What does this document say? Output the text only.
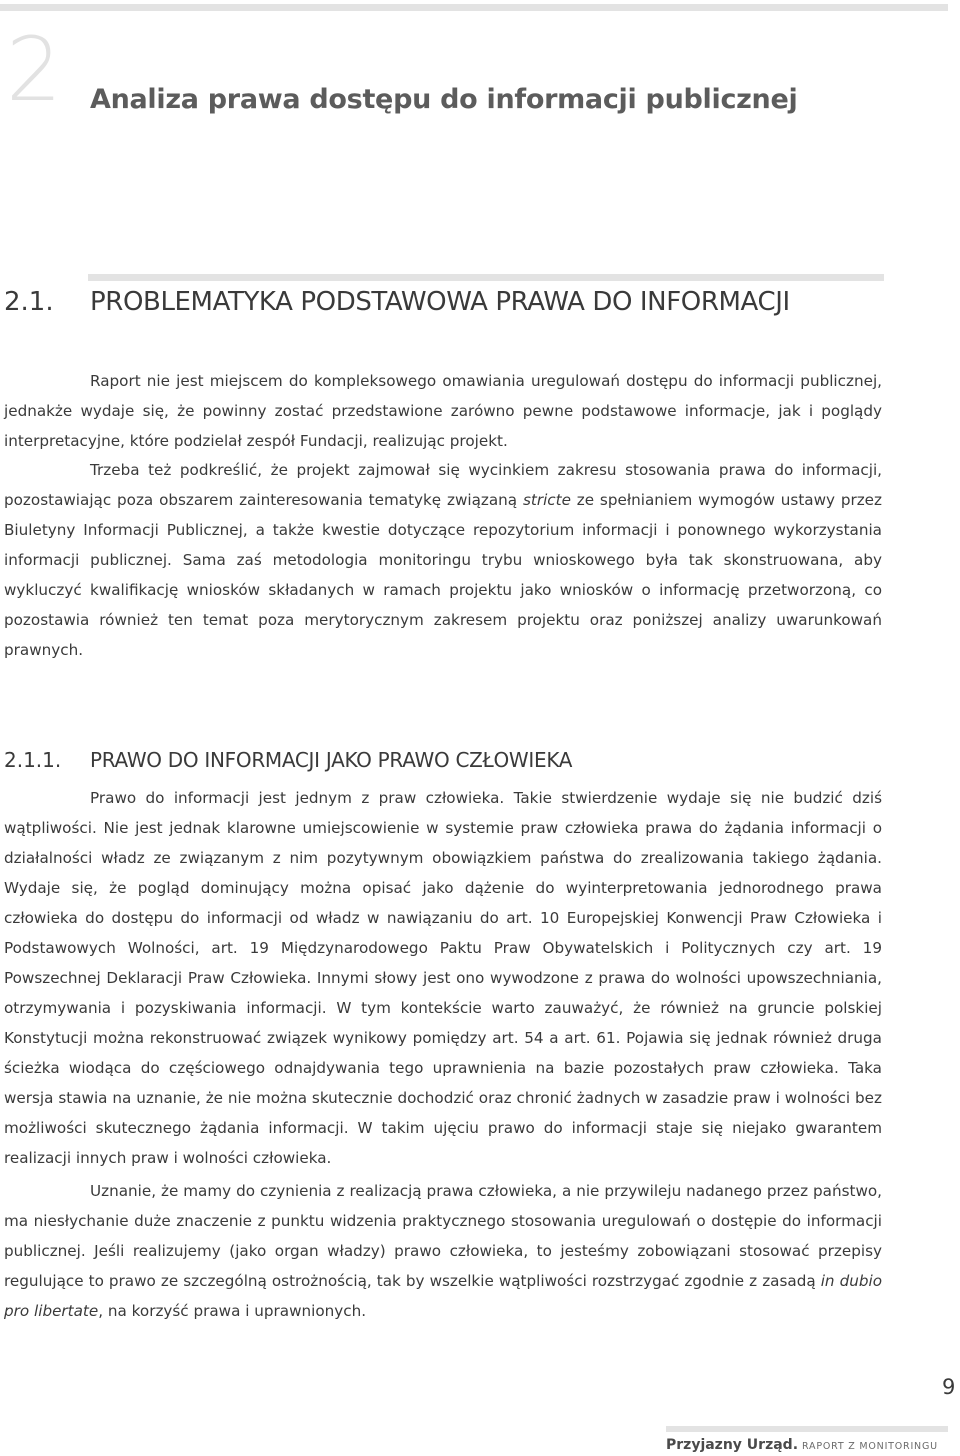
2 Analiza prawa dostępu do informacji publicznej
2.1. PROBLEMATYKA PODSTAWOWA PRAWA DO INFORMACJI

Raport nie jest miejscem do kompleksowego omawiania uregulowań dostępu do informacji publicznej, jednakże wydaje się, że powinny zostać przedstawione zarówno pewne podstawowe informacje, jak i poglądy interpretacyjne, które podzielał zespół Fundacji, realizując projekt.

Trzeba też podkreślić, że projekt zajmował się wycinkiem zakresu stosowania prawa do informacji, pozostawiając poza obszarem zainteresowania tematykę związaną stricte ze spełnianiem wymogów ustawy przez Biuletyny Informacji Publicznej, a także kwestie dotyczące repozytorium informacji i ponownego wykorzystania informacji publicznej. Sama zaś metodologia monitoringu trybu wnioskowego była tak skonstruowana, aby wykluczyć kwalifikację wniosków składanych w ramach projektu jako wniosków o informację przetworzoną, co pozostawia również ten temat poza merytorycznym zakresem projektu oraz poniższej analizy uwarunkowań prawnych.

2.1.1. PRAWO DO INFORMACJI JAKO PRAWO CZŁOWIEKA

Prawo do informacji jest jednym z praw człowieka. Takie stwierdzenie wydaje się nie budzić dziś wątpliwości. Nie jest jednak klarowne umiejscowienie w systemie praw człowieka prawa do żądania informacji o działalności władz ze związanym z nim pozytywnym obowiązkiem państwa do zrealizowania takiego żądania. Wydaje się, że pogląd dominujący można opisać jako dążenie do wyinterpretowania jednorodnego prawa człowieka do dostępu do informacji od władz w nawiązaniu do art. 10 Europejskiej Konwencji Praw Człowieka i Podstawowych Wolności, art. 19 Międzynarodowego Paktu Praw Obywatelskich i Politycznych czy art. 19 Powszechnej Deklaracji Praw Człowieka. Innymi słowy jest ono wywodzone z prawa do wolności upowszechniania, otrzymywania i pozyskiwania informacji. W tym kontekście warto zauważyć, że również na gruncie polskiej Konstytucji można rekonstruować związek wynikowy pomiędzy art. 54 a art. 61. Pojawia się jednak również druga ścieżka wiodąca do częściowego odnajdywania tego uprawnienia na bazie pozostałych praw człowieka. Taka wersja stawia na uznanie, że nie można skutecznie dochodzić oraz chronić żadnych w zasadzie praw i wolności bez możliwości skutecznego żądania informacji. W takim ujęciu prawo do informacji staje się niejako gwarantem realizacji innych praw i wolności człowieka.

Uznanie, że mamy do czynienia z realizacją prawa człowieka, a nie przywileju nadanego przez państwo, ma niesłychanie duże znaczenie z punktu widzenia praktycznego stosowania uregulowań o dostępie do informacji publicznej. Jeśli realizujemy (jako organ władzy) prawo człowieka, to jesteśmy zobowiązani stosować przepisy regulujące to prawo ze szczególną ostrożnością, tak by wszelkie wątpliwości rozstrzygać zgodnie z zasadą in dubio pro libertate, na korzyść prawa i uprawnionych.

9
Przyjazny Urząd. RAPORT Z MONITORINGU
